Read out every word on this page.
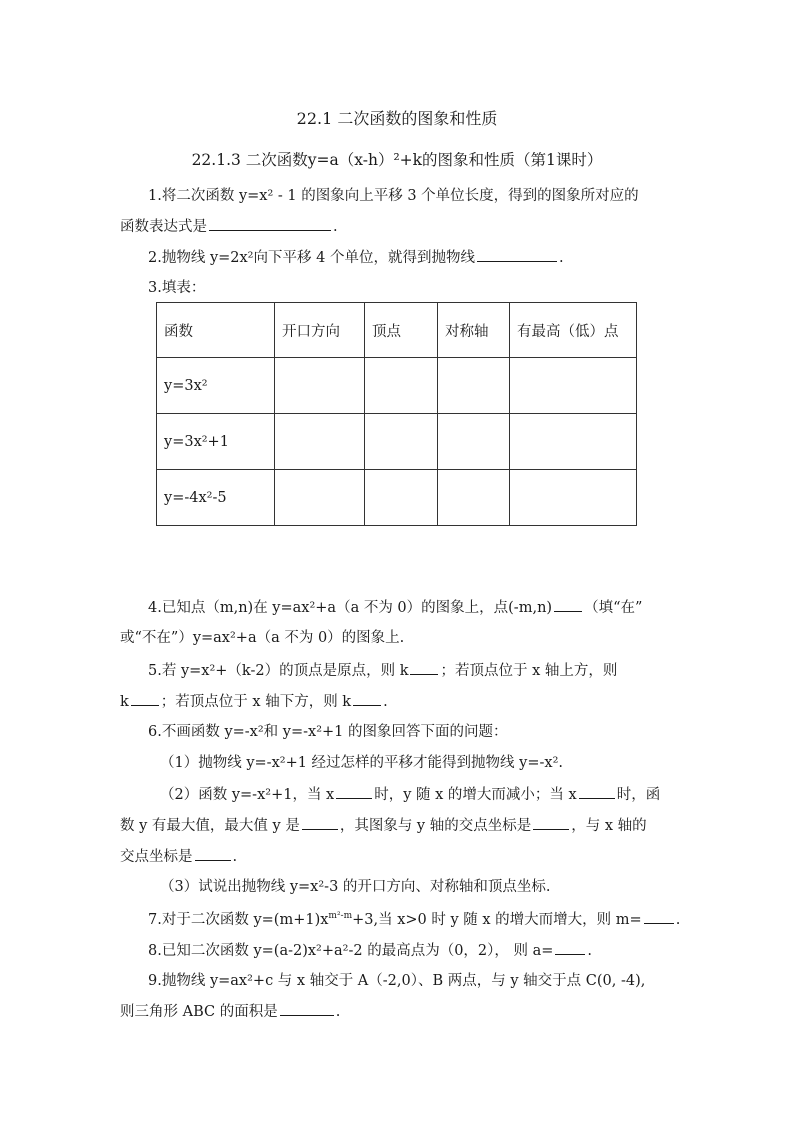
22.1 二次函数的图象和性质
22.1.3 二次函数y=a（x-h）²+k的图象和性质（第1课时）
1.将二次函数 y=x² - 1 的图象向上平移 3 个单位长度，得到的图象所对应的
函数表达式是	.
2.抛物线 y=2x²向下平移 4 个单位，就得到抛物线	.
3.填表：
函数	开口方向	顶点	对称轴	有最高（低）点
y=3x²				
y=3x²+1				
y=-4x²-5				
4.已知点（m,n)在 y=ax²+a（a 不为 0）的图象上，点(-m,n) （填“在”
或“不在”）y=ax²+a（a 不为 0）的图象上.
5.若 y=x²+（k-2）的顶点是原点，则 k ；若顶点位于 x 轴上方，则
k ；若顶点位于 x 轴下方，则 k .
6.不画函数 y=-x²和 y=-x²+1 的图象回答下面的问题：
（1）抛物线 y=-x²+1 经过怎样的平移才能得到抛物线 y=-x².
（2）函数 y=-x²+1，当 x	时，y 随 x 的增大而减小；当 x	时，函
数 y 有最大值，最大值 y 是	，其图象与 y 轴的交点坐标是	，与 x 轴的
交点坐标是	.
（3）试说出抛物线 y=x²-3 的开口方向、对称轴和顶点坐标.
7.对于二次函数 $y=(m+1)x^{m^2-m}+3$,当 x>0 时 y 随 x 的增大而增大，则 m= .
8.已知二次函数 y=(a-2)x²+a²-2 的最高点为（0，2）， 则 a= .
9.抛物线 y=ax²+c 与 x 轴交于 A（-2,0）、B 两点，与 y 轴交于点 C(0, -4),
则三角形 ABC 的面积是	.
